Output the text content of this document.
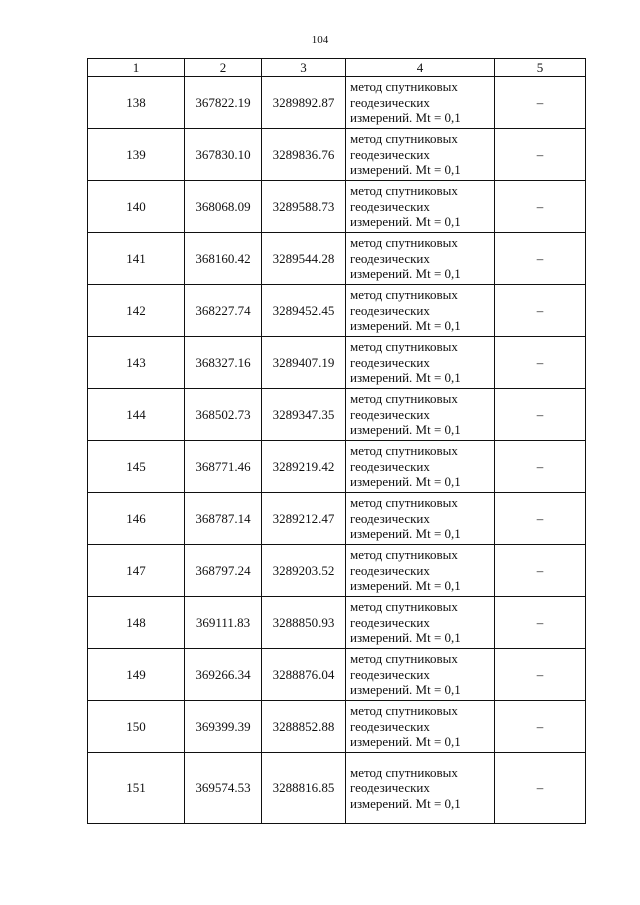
104
1	2	3	4	5
138	367822.19	3289892.87	метод спутниковых
геодезических
измерений. Mt = 0,1	–
139	367830.10	3289836.76	метод спутниковых
геодезических
измерений. Mt = 0,1	–
140	368068.09	3289588.73	метод спутниковых
геодезических
измерений. Mt = 0,1	–
141	368160.42	3289544.28	метод спутниковых
геодезических
измерений. Mt = 0,1	–
142	368227.74	3289452.45	метод спутниковых
геодезических
измерений. Mt = 0,1	–
143	368327.16	3289407.19	метод спутниковых
геодезических
измерений. Mt = 0,1	–
144	368502.73	3289347.35	метод спутниковых
геодезических
измерений. Mt = 0,1	–
145	368771.46	3289219.42	метод спутниковых
геодезических
измерений. Mt = 0,1	–
146	368787.14	3289212.47	метод спутниковых
геодезических
измерений. Mt = 0,1	–
147	368797.24	3289203.52	метод спутниковых
геодезических
измерений. Mt = 0,1	–
148	369111.83	3288850.93	метод спутниковых
геодезических
измерений. Mt = 0,1	–
149	369266.34	3288876.04	метод спутниковых
геодезических
измерений. Mt = 0,1	–
150	369399.39	3288852.88	метод спутниковых
геодезических
измерений. Mt = 0,1	–
151	369574.53	3288816.85	метод спутниковых
геодезических
измерений. Mt = 0,1	–
